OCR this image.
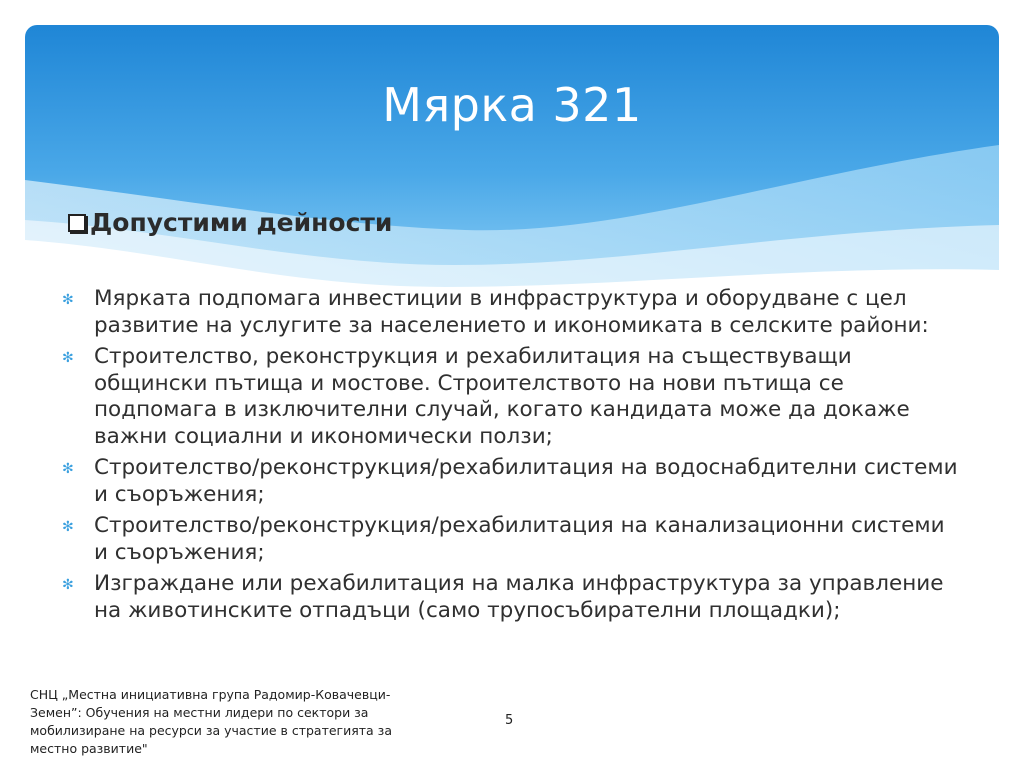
Мярка 321
Допустими дейности
✻ Мярката подпомага инвестиции в инфраструктура и оборудване с цел развитие на услугите за населението и икономиката в селските райони:
✻ Строителство, реконструкция и рехабилитация на съществуващи общински пътища и мостове. Строителството на нови пътища се подпомага в изключителни случай, когато кандидата може да докаже важни социални и икономически ползи;
✻ Строителство/реконструкция/рехабилитация на водоснабдителни системи и съоръжения;
✻ Строителство/реконструкция/рехабилитация на канализационни системи и съоръжения;
✻ Изграждане или рехабилитация на малка инфраструктура за управление на животинските отпадъци (само трупосъбирателни площадки);

СНЦ „Местна инициативна група Радомир-Ковачевци-Земен”: Обучения на местни лидери по сектори за мобилизиране на ресурси за участие в стратегията за местно развитие"

5
